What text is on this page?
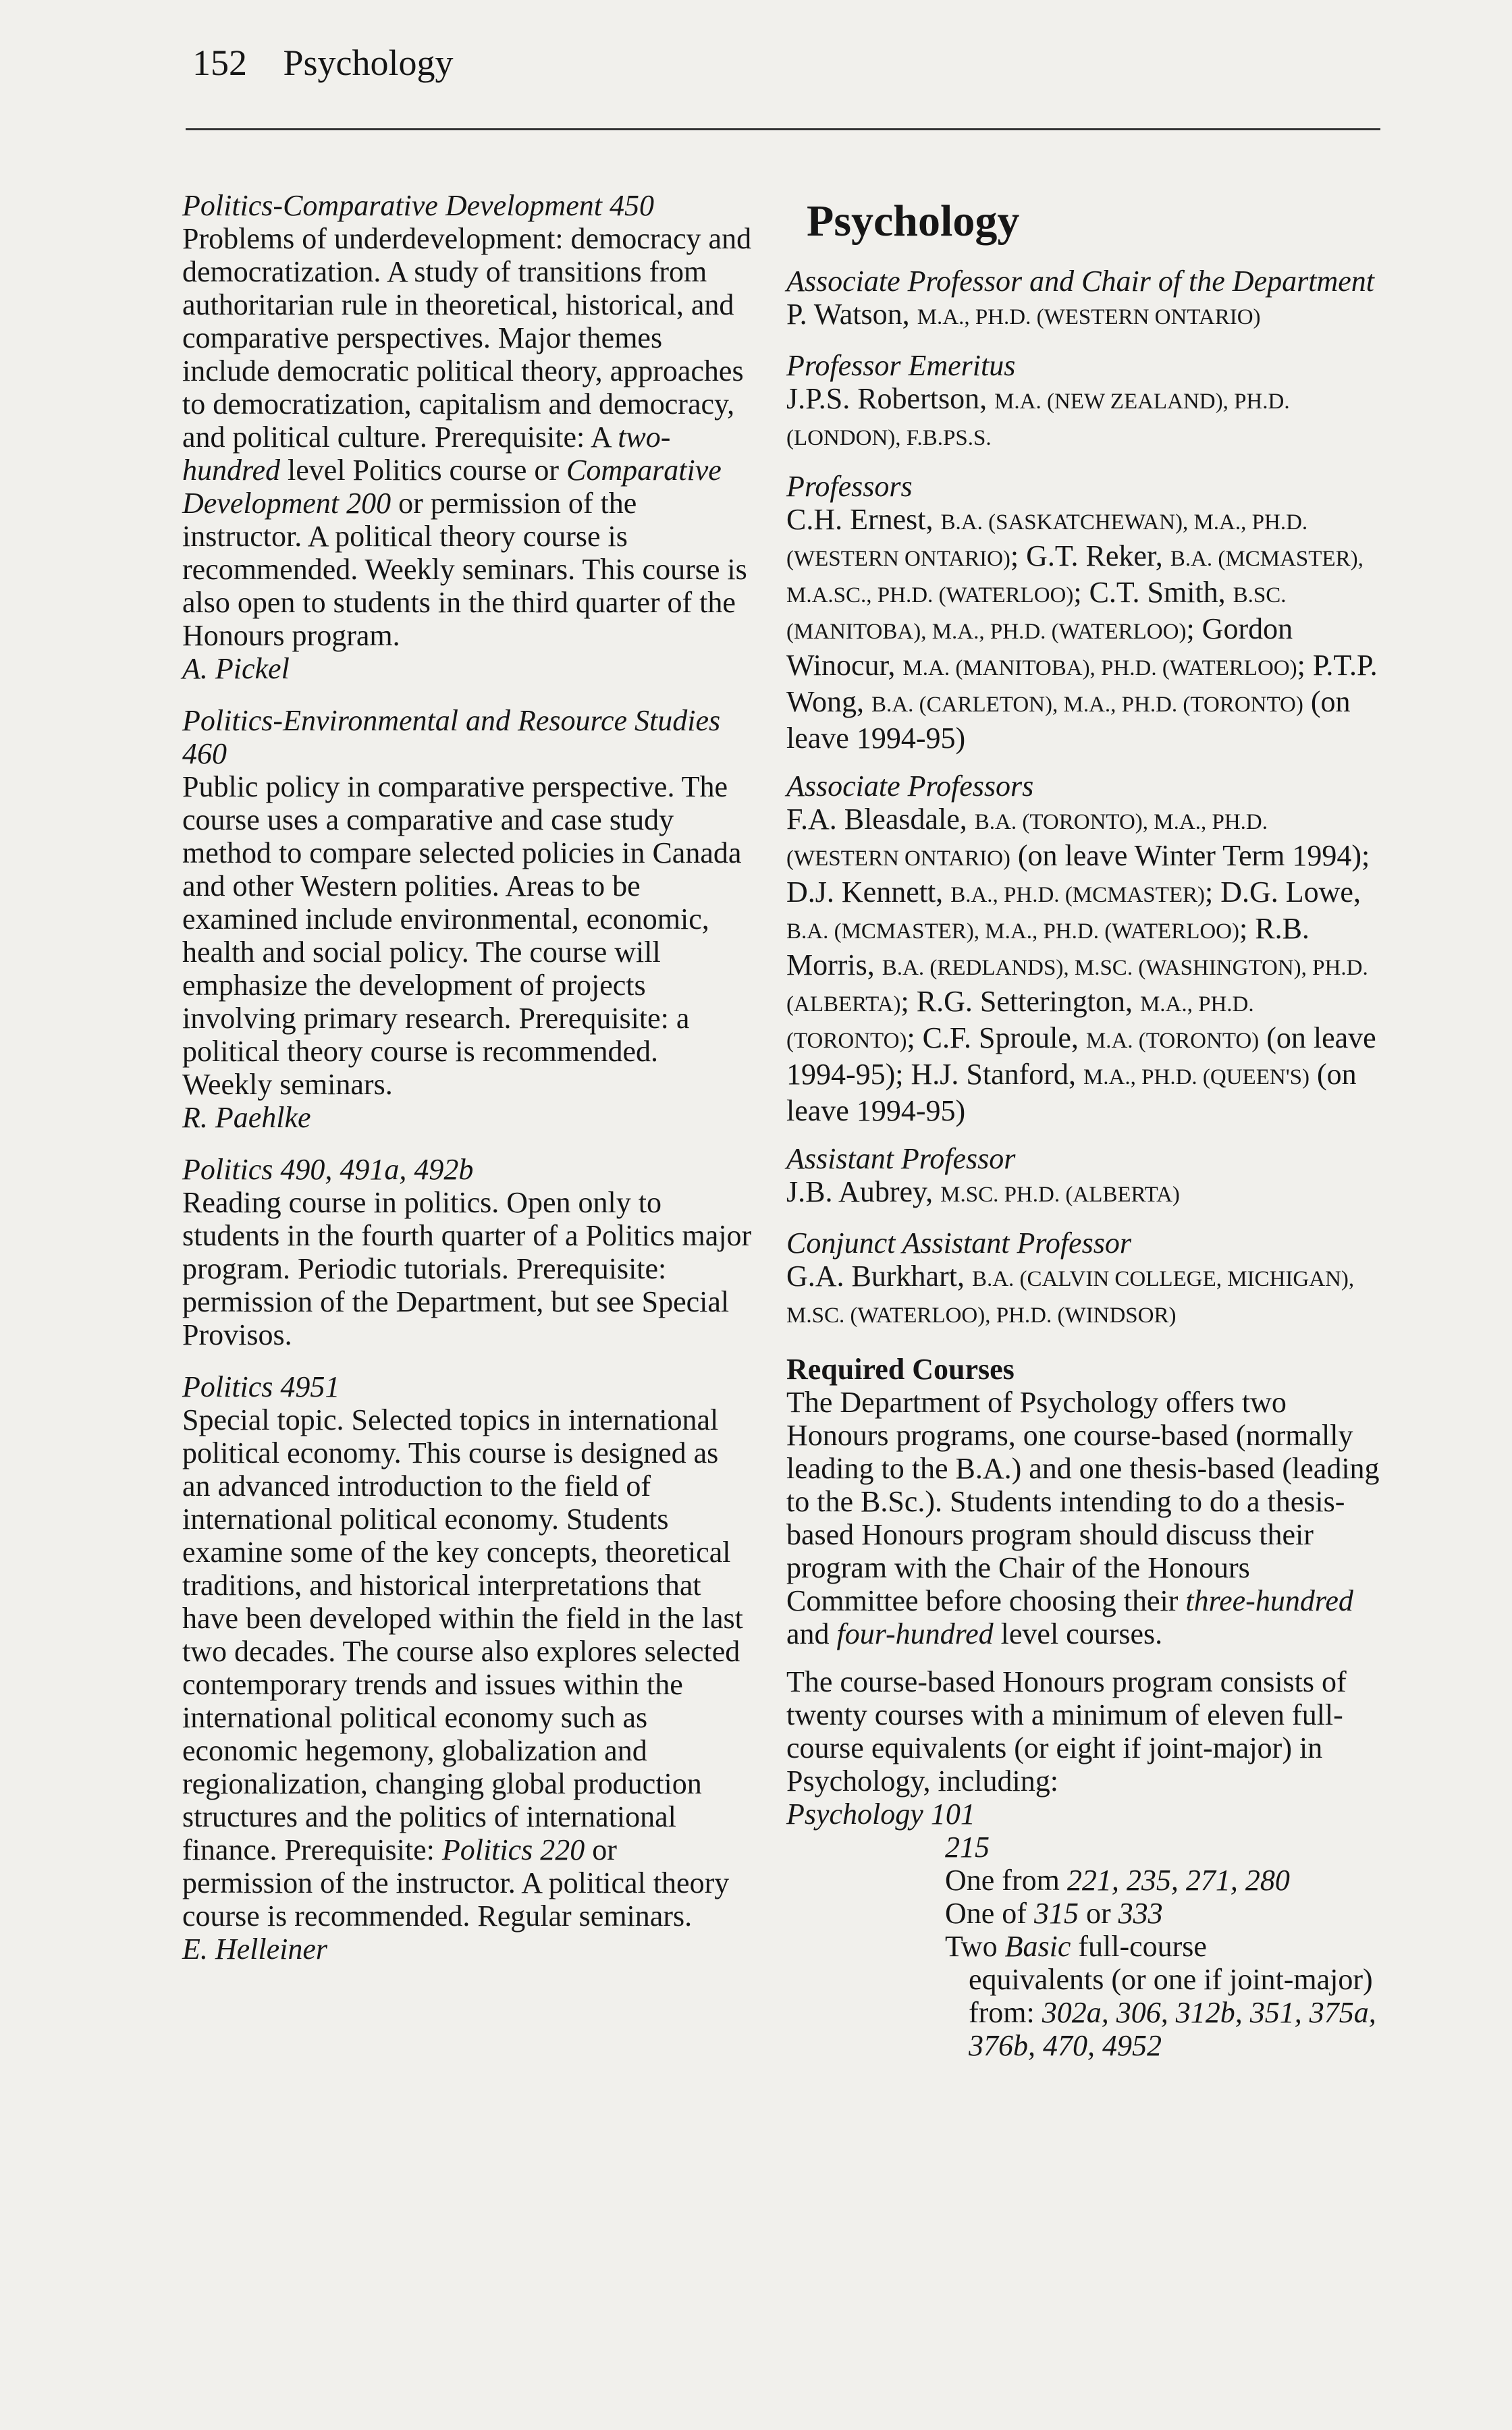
152 Psychology
Politics-Comparative Development 450
Problems of underdevelopment: democracy and democratization. A study of transitions from authoritarian rule in theoretical, historical, and comparative perspectives. Major themes include democratic political theory, approaches to democratization, capitalism and democracy, and political culture. Prerequisite: A two-hundred level Politics course or Comparative Development 200 or permission of the instructor. A political theory course is recommended. Weekly seminars. This course is also open to students in the third quarter of the Honours program.
A. Pickel
Politics-Environmental and Resource Studies 460
Public policy in comparative perspective. The course uses a comparative and case study method to compare selected policies in Canada and other Western polities. Areas to be examined include environmental, economic, health and social policy. The course will emphasize the development of projects involving primary research. Prerequisite: a political theory course is recommended. Weekly seminars.
R. Paehlke
Politics 490, 491a, 492b
Reading course in politics. Open only to students in the fourth quarter of a Politics major program. Periodic tutorials. Prerequisite: permission of the Department, but see Special Provisos.
Politics 4951
Special topic. Selected topics in international political economy. This course is designed as an advanced introduction to the field of international political economy. Students examine some of the key concepts, theoretical traditions, and historical interpretations that have been developed within the field in the last two decades. The course also explores selected contemporary trends and issues within the international political economy such as economic hegemony, globalization and regionalization, changing global production structures and the politics of international finance. Prerequisite: Politics 220 or permission of the instructor. A political theory course is recommended. Regular seminars.
E. Helleiner
Psychology
Associate Professor and Chair of the Department
P. Watson, M.A., PH.D. (WESTERN ONTARIO)
Professor Emeritus
J.P.S. Robertson, M.A. (NEW ZEALAND), PH.D. (LONDON), F.B.PS.S.
Professors
C.H. Ernest, B.A. (SASKATCHEWAN), M.A., PH.D. (WESTERN ONTARIO); G.T. Reker, B.A. (MCMASTER), M.A.SC., PH.D. (WATERLOO); C.T. Smith, B.SC. (MANITOBA), M.A., PH.D. (WATERLOO); Gordon Winocur, M.A. (MANITOBA), PH.D. (WATERLOO); P.T.P. Wong, B.A. (CARLETON), M.A., PH.D. (TORONTO) (on leave 1994-95)
Associate Professors
F.A. Bleasdale, B.A. (TORONTO), M.A., PH.D. (WESTERN ONTARIO) (on leave Winter Term 1994); D.J. Kennett, B.A., PH.D. (MCMASTER); D.G. Lowe, B.A. (MCMASTER), M.A., PH.D. (WATERLOO); R.B. Morris, B.A. (REDLANDS), M.SC. (WASHINGTON), PH.D. (ALBERTA); R.G. Setterington, M.A., PH.D. (TORONTO); C.F. Sproule, M.A. (TORONTO) (on leave 1994-95); H.J. Stanford, M.A., PH.D. (QUEEN'S) (on leave 1994-95)
Assistant Professor
J.B. Aubrey, M.SC. PH.D. (ALBERTA)
Conjunct Assistant Professor
G.A. Burkhart, B.A. (CALVIN COLLEGE, MICHIGAN), M.SC. (WATERLOO), PH.D. (WINDSOR)
Required Courses
The Department of Psychology offers two Honours programs, one course-based (normally leading to the B.A.) and one thesis-based (leading to the B.Sc.). Students intending to do a thesis-based Honours program should discuss their program with the Chair of the Honours Committee before choosing their three-hundred and four-hundred level courses.
The course-based Honours program consists of twenty courses with a minimum of eleven full-course equivalents (or eight if joint-major) in Psychology, including:
Psychology 101
215
One from 221, 235, 271, 280
One of 315 or 333
Two Basic full-course
equivalents (or one if joint-major) from: 302a, 306, 312b, 351, 375a, 376b, 470, 4952
